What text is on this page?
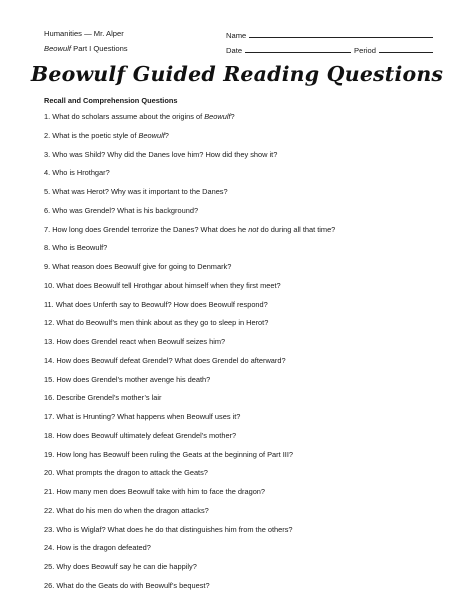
Humanities — Mr. Alper
Beowulf Part I Questions
Name
Date	Period
Beowulf Guided Reading Questions
Recall and Comprehension Questions
1. What do scholars assume about the origins of Beowulf?
2. What is the poetic style of Beowulf?
3. Who was Shild? Why did the Danes love him? How did they show it?
4. Who is Hrothgar?
5. What was Herot? Why was it important to the Danes?
6. Who was Grendel? What is his background?
7. How long does Grendel terrorize the Danes? What does he not do during all that time?
8. Who is Beowulf?
9. What reason does Beowulf give for going to Denmark?
10. What does Beowulf tell Hrothgar about himself when they first meet?
11. What does Unferth say to Beowulf? How does Beowulf respond?
12. What do Beowulf’s men think about as they go to sleep in Herot?
13. How does Grendel react when Beowulf seizes him?
14. How does Beowulf defeat Grendel? What does Grendel do afterward?
15. How does Grendel’s mother avenge his death?
16. Describe Grendel’s mother’s lair
17. What is Hrunting? What happens when Beowulf uses it?
18. How does Beowulf ultimately defeat Grendel’s mother?
19. How long has Beowulf been ruling the Geats at the beginning of Part III?
20. What prompts the dragon to attack the Geats?
21. How many men does Beowulf take with him to face the dragon?
22. What do his men do when the dragon attacks?
23. Who is Wiglaf? What does he do that distinguishes him from the others?
24. How is the dragon defeated?
25. Why does Beowulf say he can die happily?
26. What do the Geats do with Beowulf’s bequest?
